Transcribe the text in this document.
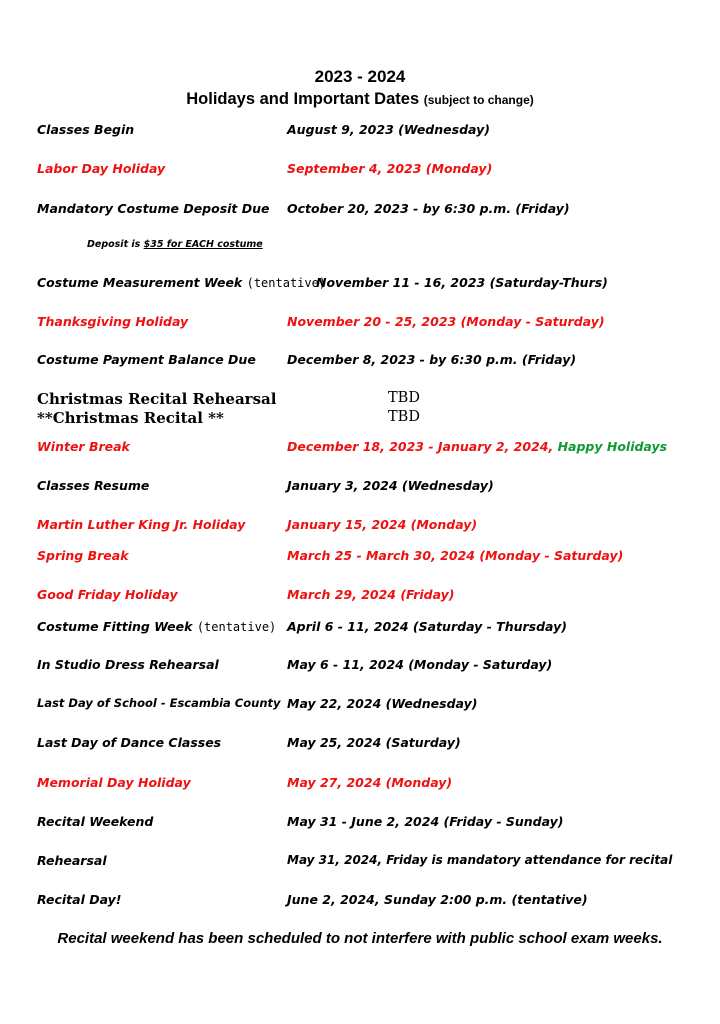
2023 - 2024
Holidays and Important Dates (subject to change)
Classes Begin	August 9, 2023 (Wednesday)
Labor Day Holiday	September 4, 2023 (Monday)
Mandatory Costume Deposit Due October 20, 2023 - by 6:30 p.m. (Friday)
Deposit is $35 for EACH costume
Costume Measurement Week (tentative)
November 11 - 16, 2023 (Saturday-Thurs)
Thanksgiving Holiday	November 20 - 25, 2023 (Monday - Saturday)
Costume Payment Balance Due December 8, 2023 - by 6:30 p.m. (Friday)
Christmas Recital Rehearsal	TBD
**Christmas Recital **	TBD
Winter Break	December 18, 2023 - January 2, 2024, Happy Holidays
Classes Resume	January 3, 2024 (Wednesday)
Martin Luther King Jr. Holiday	January 15, 2024 (Monday)
Spring Break	March 25 - March 30, 2024 (Monday - Saturday)
Good Friday Holiday	March 29, 2024 (Friday)
Costume Fitting Week (tentative) April 6 - 11, 2024 (Saturday - Thursday)
In Studio Dress Rehearsal	May 6 - 11, 2024 (Monday - Saturday)
Last Day of School - Escambia County May 22, 2024 (Wednesday)
Last Day of Dance Classes	May 25, 2024 (Saturday)
Memorial Day Holiday	May 27, 2024 (Monday)
Recital Weekend	May 31 - June 2, 2024 (Friday - Sunday)
Rehearsal	May 31, 2024, Friday is mandatory attendance for recital
Recital Day!	June 2, 2024, Sunday 2:00 p.m. (tentative)
Recital weekend has been scheduled to not interfere with public school exam weeks.
